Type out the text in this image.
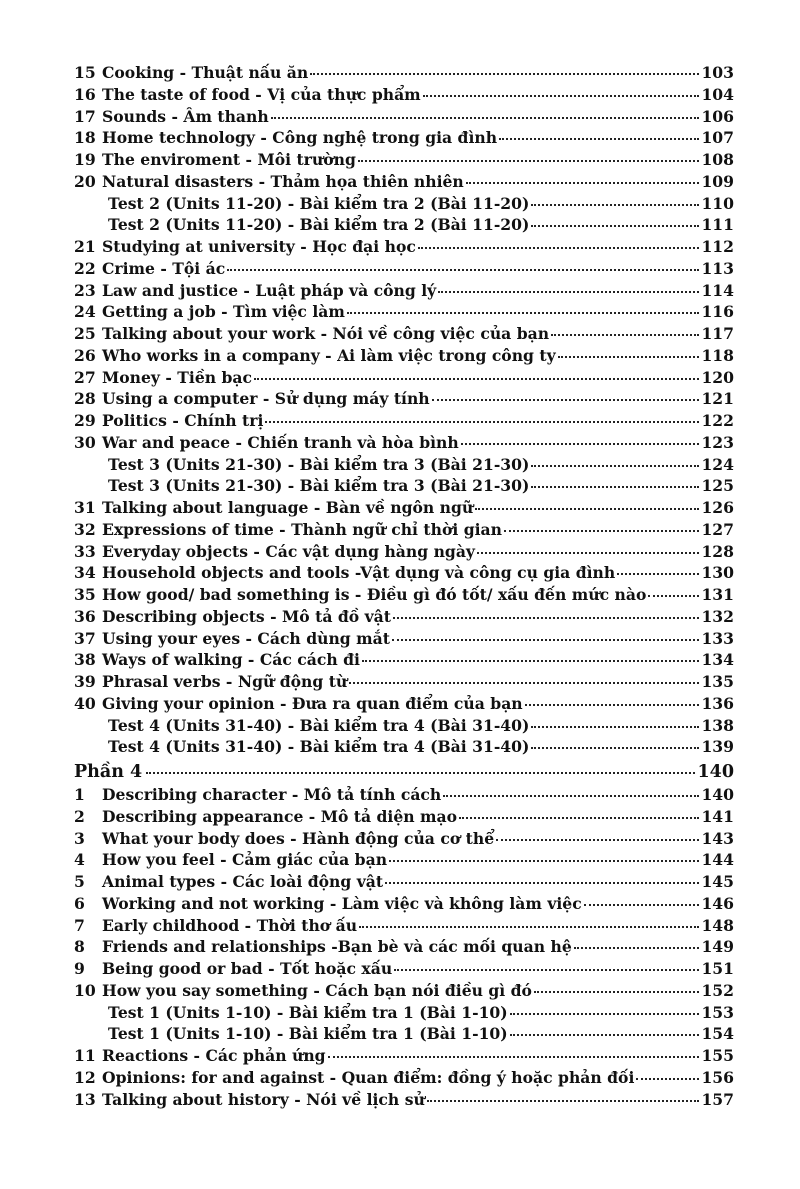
15 Cooking - Thuật nấu ăn	103
16 The taste of food - Vị của thực phẩm	104
17 Sounds - Âm thanh	106
18 Home technology - Công nghệ trong gia đình	107
19 The enviroment - Môi trường	108
20 Natural disasters - Thảm họa thiên nhiên	109
Test 2 (Units 11-20) - Bài kiểm tra 2 (Bài 11-20)	110
Test 2 (Units 11-20) - Bài kiểm tra 2 (Bài 11-20)	111
21 Studying at university - Học đại học	112
22 Crime - Tội ác	113
23 Law and justice - Luật pháp và công lý	114
24 Getting a job - Tìm việc làm	116
25 Talking about your work - Nói về công việc của bạn	117
26 Who works in a company - Ai làm việc trong công ty	118
27 Money - Tiền bạc	120
28 Using a computer - Sử dụng máy tính	121
29 Politics - Chính trị	122
30 War and peace - Chiến tranh và hòa bình	123
Test 3 (Units 21-30) - Bài kiểm tra 3 (Bài 21-30)	124
Test 3 (Units 21-30) - Bài kiểm tra 3 (Bài 21-30)	125
31 Talking about language - Bàn về ngôn ngữ	126
32 Expressions of time - Thành ngữ chỉ thời gian	127
33 Everyday objects - Các vật dụng hàng ngày	128
34 Household objects and tools -Vật dụng và công cụ gia đình	130
35 How good/ bad something is - Điều gì đó tốt/ xấu đến mức nào	131
36 Describing objects - Mô tả đồ vật	132
37 Using your eyes - Cách dùng mắt	133
38 Ways of walking - Các cách đi	134
39 Phrasal verbs - Ngữ động từ	135
40 Giving your opinion - Đưa ra quan điểm của bạn	136
Test 4 (Units 31-40) - Bài kiểm tra 4 (Bài 31-40)	138
Test 4 (Units 31-40) - Bài kiểm tra 4 (Bài 31-40)	139
Phần 4	140
1	Describing character - Mô tả tính cách	140
2	Describing appearance - Mô tả diện mạo	141
3	What your body does - Hành động của cơ thể	143
4	How you feel - Cảm giác của bạn	144
5	Animal types - Các loài động vật	145
6	Working and not working - Làm việc và không làm việc	146
7	Early childhood - Thời thơ ấu	148
8	Friends and relationships -Bạn bè và các mối quan hệ	149
9	Being good or bad - Tốt hoặc xấu	151
10 How you say something - Cách bạn nói điều gì đó	152
Test 1 (Units 1-10) - Bài kiểm tra 1 (Bài 1-10)	153
Test 1 (Units 1-10) - Bài kiểm tra 1 (Bài 1-10)	154
11 Reactions - Các phản ứng	155
12 Opinions: for and against - Quan điểm: đồng ý hoặc phản đối	156
13 Talking about history - Nói về lịch sử	157
